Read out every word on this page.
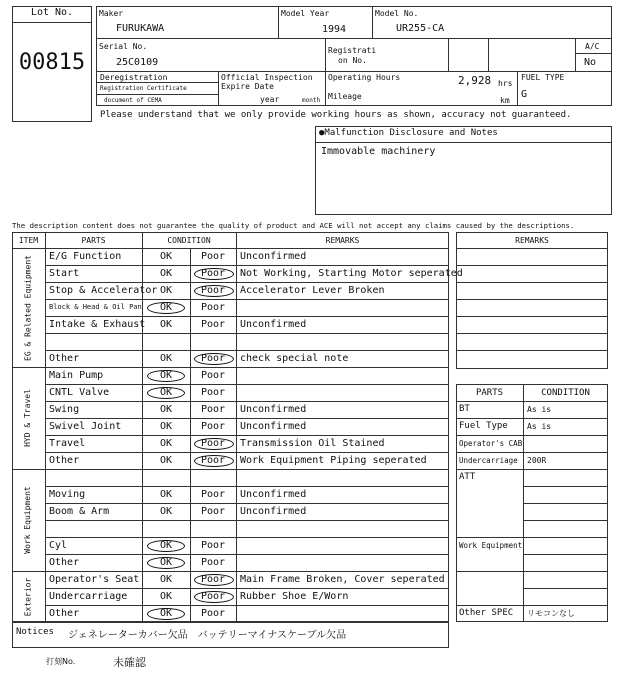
Lot No.
00815
Maker
FURUKAWA
Model Year
1994
Model No.
UR255-CA
Serial No.
25C0109
Registrati
on No.
A/C
No
Deregistration
Registration Certificate
document of CEMA
Official Inspection
Expire Date
year	month
Operating Hours	2,928 hrs
Mileage	km
FUEL TYPE
G
Please understand that we only provide working hours as shown, accuracy not guaranteed.
●Malfunction Disclosure and Notes
Immovable machinery
The description content does not guarantee the quality of product and ACE will not accept any claims caused by the descriptions.
ITEM	PARTS	CONDITION	REMARKS
E/G Function	OK	Poor	Unconfirmed
Start	OK	Poor	Not Working, Starting Motor seperated
Stop & Accelerator OK	Poor	Accelerator Lever Broken
Block & Head & Oil Pan	OK	Poor
Intake & Exhaust	OK	Poor	Unconfirmed
Other	OK	Poor	check special note
EG & Related Equipment
Main Pump	OK	Poor
CNTL Valve	OK	Poor
Swing	OK	Poor	Unconfirmed
Swivel Joint	OK	Poor	Unconfirmed
Travel	OK	Poor	Transmission Oil Stained
Other	OK	Poor	Work Equipment Piping seperated
HYD & Travel
Moving	OK	Poor	Unconfirmed
Boom & Arm	OK	Poor	Unconfirmed
Cyl	OK	Poor
Other	OK	Poor
Work Equipment
Operator's Seat	OK	Poor	Main Frame Broken, Cover seperated
Undercarriage	OK	Poor	Rubber Shoe E/Worn
Other	OK	Poor
Exterior
REMARKS
PARTS	CONDITION
BT	As is
Fuel Type As is
Operator's CAB
Undercarriage 200R
ATT
Work Equipment
Other SPEC リモコンなし
Notices ジェネレーターカバー欠品　バッテリーマイナスケーブル欠品
打刻No.	未確認
